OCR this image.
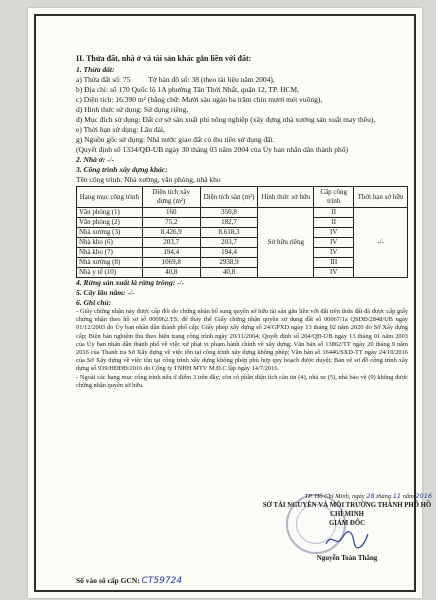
II. Thửa đất, nhà ở và tài sản khác gắn liền với đất:
1. Thửa đất:
a) Thửa đất số: 75 Tờ bản đồ số: 38 (theo tài liệu năm 2004),
b) Địa chỉ: số 170 Quốc lộ 1A phường Tân Thới Nhất, quận 12, TP. HCM,
c) Diện tích: 16.390 m² (bằng chữ: Mười sáu ngàn ba trăm chín mươi mét vuông),
d) Hình thức sử dụng: Sử dụng riêng,
đ) Mục đích sử dụng: Đất cơ sở sản xuất phi nông nghiệp (xây dựng nhà xưởng sản xuất may thêu),
e) Thời hạn sử dụng: Lâu dài,
g) Nguồn gốc sử dụng: Nhà nước giao đất có thu tiền sử dụng đất.
(Quyết định số 1334/QĐ-UB ngày 30 tháng 03 năm 2004 của Ủy ban nhân dân thành phố)
2. Nhà ở: -/-
3. Công trình xây dựng khác:
Tên công trình: Nhà xưởng, văn phòng, nhà kho
Hạng mục công trình	Diện tích xây dựng (m²)	Diện tích sàn (m²)	Hình thức sở hữu	Cấp công trình	Thời hạn sở hữu
Văn phòng (1)	160	350,8	Sở hữu riêng	II	-/-
Văn phòng (2)	75,2	182,7		II	
Nhà xưởng (3)	8.426,9	8.618,3		IV	
Nhà kho (6)	203,7	203,7		IV	
Nhà kho (7)	194,4	194,4		IV	
Nhà xưởng (8)	1069,8	2938,9		III	
Nhà y tế (10)	40,8	40,8		IV	
4. Rừng sản xuất là rừng trồng: -/-
5. Cây lâu năm: -/-
6. Ghi chú:
- Giấy chứng nhận này được cấp đổi do chứng nhận bổ sung quyền sở hữu tài sản gắn liền với đất trên thửa đất đã được cấp giấy chứng nhận theo hồ sơ số 000962.TS; để thay thế Giấy chứng nhận quyền sử dụng đất số 00067/1a QSDĐ/2848/UB ngày 01/12/2003 do Ủy ban nhân dân thành phố cấp; Giấy phép xây dựng số 24/GPXD ngày 13 tháng 02 năm 2020 do Sở Xây dựng cấp; Biên bản nghiệm thu theo hiện trạng công trình ngày 20/11/2004; Quyết định số 204/QĐ-UB ngày 13 tháng 01 năm 2003 của Ủy ban nhân dân thành phố về việc xử phạt vi phạm hành chính về xây dựng; Văn bản số 13862/TT ngày 20 tháng 9 năm 2016 của Thanh tra Sở Xây dựng về việc tồn tại công trình xây dựng không phép; Văn bản số 16446/SXD-TT ngày 24/10/2016 của Sở Xây dựng về việc tồn tại công trình xây dựng không phép phù hợp quy hoạch được duyệt; Bản vẽ sơ đồ công trình xây dựng số 939/HĐĐĐ/2016 do Công ty TNHH MTV M.Đ.C lập ngày 14/7/2016.
- Ngoài các hạng mục công trình nêu ở điểm 3 trên đây; còn có phần diện tích cân tin (4), nhà xe (5), nhà bảo vệ (9) không được chứng nhận quyền sở hữu.
TP. Hồ Chí Minh, ngày 28 tháng 11 năm 2016
SỞ TÀI NGUYÊN VÀ MÔI TRƯỜNG THÀNH PHỐ HỒ CHÍ MINH
GIÁM ĐỐC
Nguyễn Toàn Thắng
Số vào sổ cấp GCN: CT59724
